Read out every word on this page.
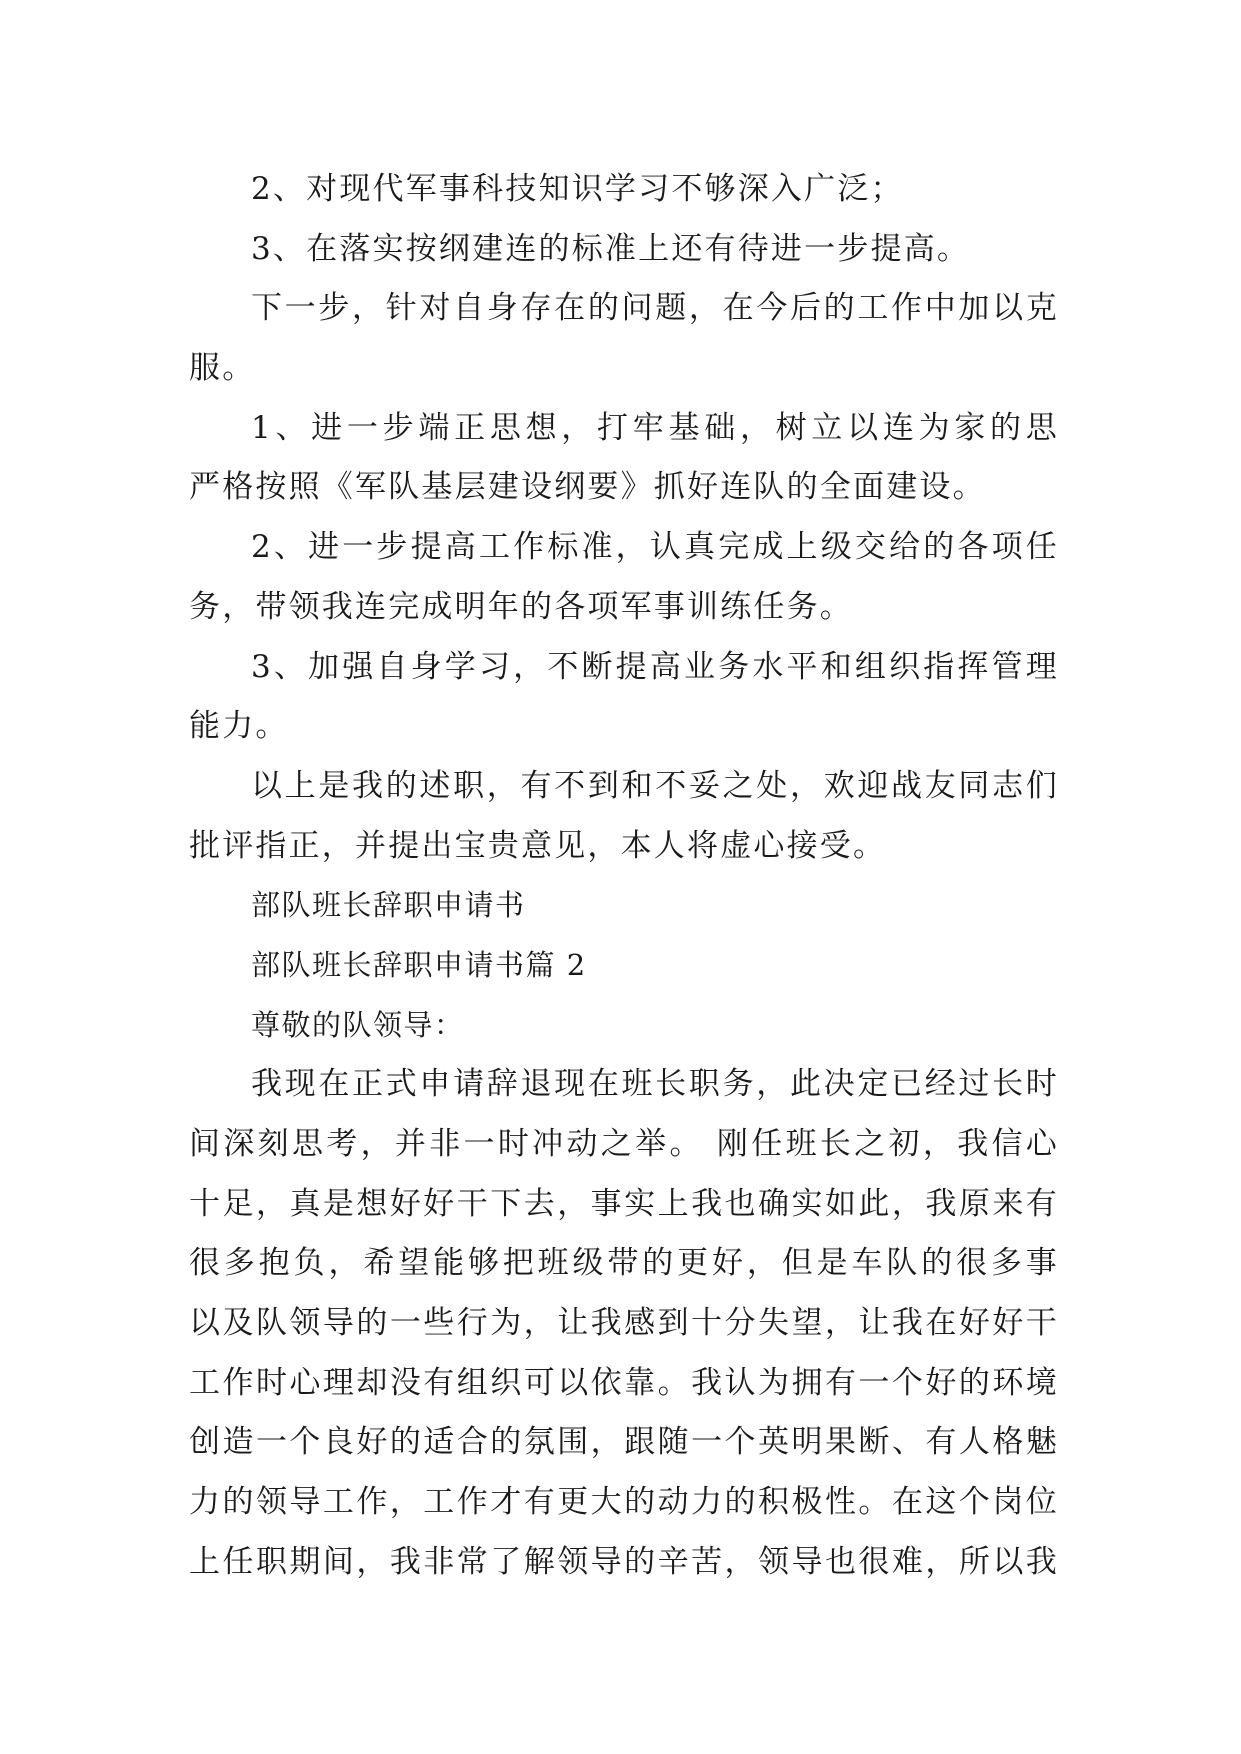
2、对现代军事科技知识学习不够深入广泛；

3、在落实按纲建连的标准上还有待进一步提高。

下一步，针对自身存在的问题，在今后的工作中加以克

服。

1、进一步端正思想，打牢基础，树立以连为家的思

严格按照《军队基层建设纲要》抓好连队的全面建设。

2、进一步提高工作标准，认真完成上级交给的各项任

务，带领我连完成明年的各项军事训练任务。

3、加强自身学习，不断提高业务水平和组织指挥管理

能力。

以上是我的述职，有不到和不妥之处，欢迎战友同志们

批评指正，并提出宝贵意见，本人将虚心接受。

部队班长辞职申请书

部队班长辞职申请书篇 2

尊敬的队领导：

我现在正式申请辞退现在班长职务，此决定已经过长时

间深刻思考，并非一时冲动之举。 刚任班长之初，我信心

十足，真是想好好干下去，事实上我也确实如此，我原来有

很多抱负，希望能够把班级带的更好，但是车队的很多事

以及队领导的一些行为，让我感到十分失望，让我在好好干

工作时心理却没有组织可以依靠。我认为拥有一个好的环境

创造一个良好的适合的氛围，跟随一个英明果断、有人格魅

力的领导工作，工作才有更大的动力的积极性。在这个岗位

上任职期间，我非常了解领导的辛苦，领导也很难，所以我
